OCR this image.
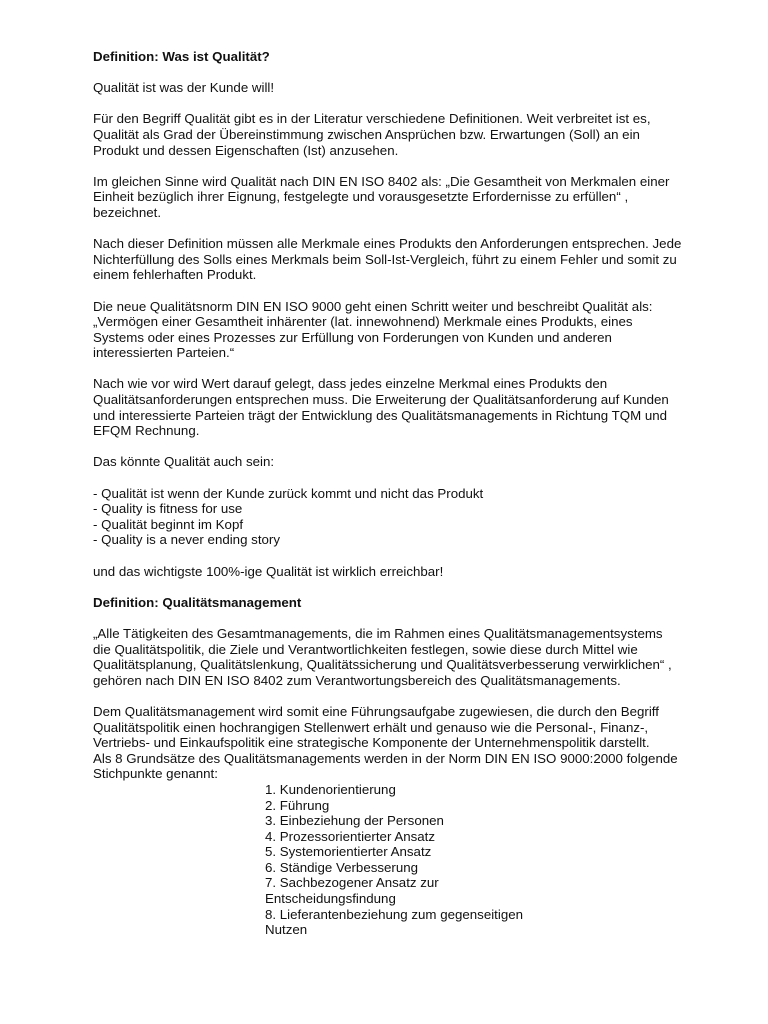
Definition: Was ist Qualität?

Qualität ist was der Kunde will!

Für den Begriff Qualität gibt es in der Literatur verschiedene Definitionen. Weit verbreitet ist es,
Qualität als Grad der Übereinstimmung zwischen Ansprüchen bzw. Erwartungen (Soll) an ein
Produkt und dessen Eigenschaften (Ist) anzusehen.

Im gleichen Sinne wird Qualität nach DIN EN ISO 8402 als: „Die Gesamtheit von Merkmalen einer
Einheit bezüglich ihrer Eignung, festgelegte und vorausgesetzte Erfordernisse zu erfüllen“ ,
bezeichnet.

Nach dieser Definition müssen alle Merkmale eines Produkts den Anforderungen entsprechen. Jede
Nichterfüllung des Solls eines Merkmals beim Soll-Ist-Vergleich, führt zu einem Fehler und somit zu
einem fehlerhaften Produkt.

Die neue Qualitätsnorm DIN EN ISO 9000 geht einen Schritt weiter und beschreibt Qualität als:
„Vermögen einer Gesamtheit inhärenter (lat. innewohnend) Merkmale eines Produkts, eines
Systems oder eines Prozesses zur Erfüllung von Forderungen von Kunden und anderen
interessierten Parteien.“

Nach wie vor wird Wert darauf gelegt, dass jedes einzelne Merkmal eines Produkts den
Qualitätsanforderungen entsprechen muss. Die Erweiterung der Qualitätsanforderung auf Kunden
und interessierte Parteien trägt der Entwicklung des Qualitätsmanagements in Richtung TQM und
EFQM Rechnung.

Das könnte Qualität auch sein:

- Qualität ist wenn der Kunde zurück kommt und nicht das Produkt
- Quality is fitness for use
- Qualität beginnt im Kopf
- Quality is a never ending story

und das wichtigste 100%-ige Qualität ist wirklich erreichbar!

Definition: Qualitätsmanagement

„Alle Tätigkeiten des Gesamtmanagements, die im Rahmen eines Qualitätsmanagementsystems
die Qualitätspolitik, die Ziele und Verantwortlichkeiten festlegen, sowie diese durch Mittel wie
Qualitätsplanung, Qualitätslenkung, Qualitätssicherung und Qualitätsverbesserung verwirklichen“ ,
gehören nach DIN EN ISO 8402 zum Verantwortungsbereich des Qualitätsmanagements.

Dem Qualitätsmanagement wird somit eine Führungsaufgabe zugewiesen, die durch den Begriff
Qualitätspolitik einen hochrangigen Stellenwert erhält und genauso wie die Personal-, Finanz-,
Vertriebs- und Einkaufspolitik eine strategische Komponente der Unternehmenspolitik darstellt.
Als 8 Grundsätze des Qualitätsmanagements werden in der Norm DIN EN ISO 9000:2000 folgende
Stichpunkte genannt:

1. Kundenorientierung
2. Führung
3. Einbeziehung der Personen
4. Prozessorientierter Ansatz
5. Systemorientierter Ansatz
6. Ständige Verbesserung
7. Sachbezogener Ansatz zur
Entscheidungsfindung
8. Lieferantenbeziehung zum gegenseitigen
Nutzen
